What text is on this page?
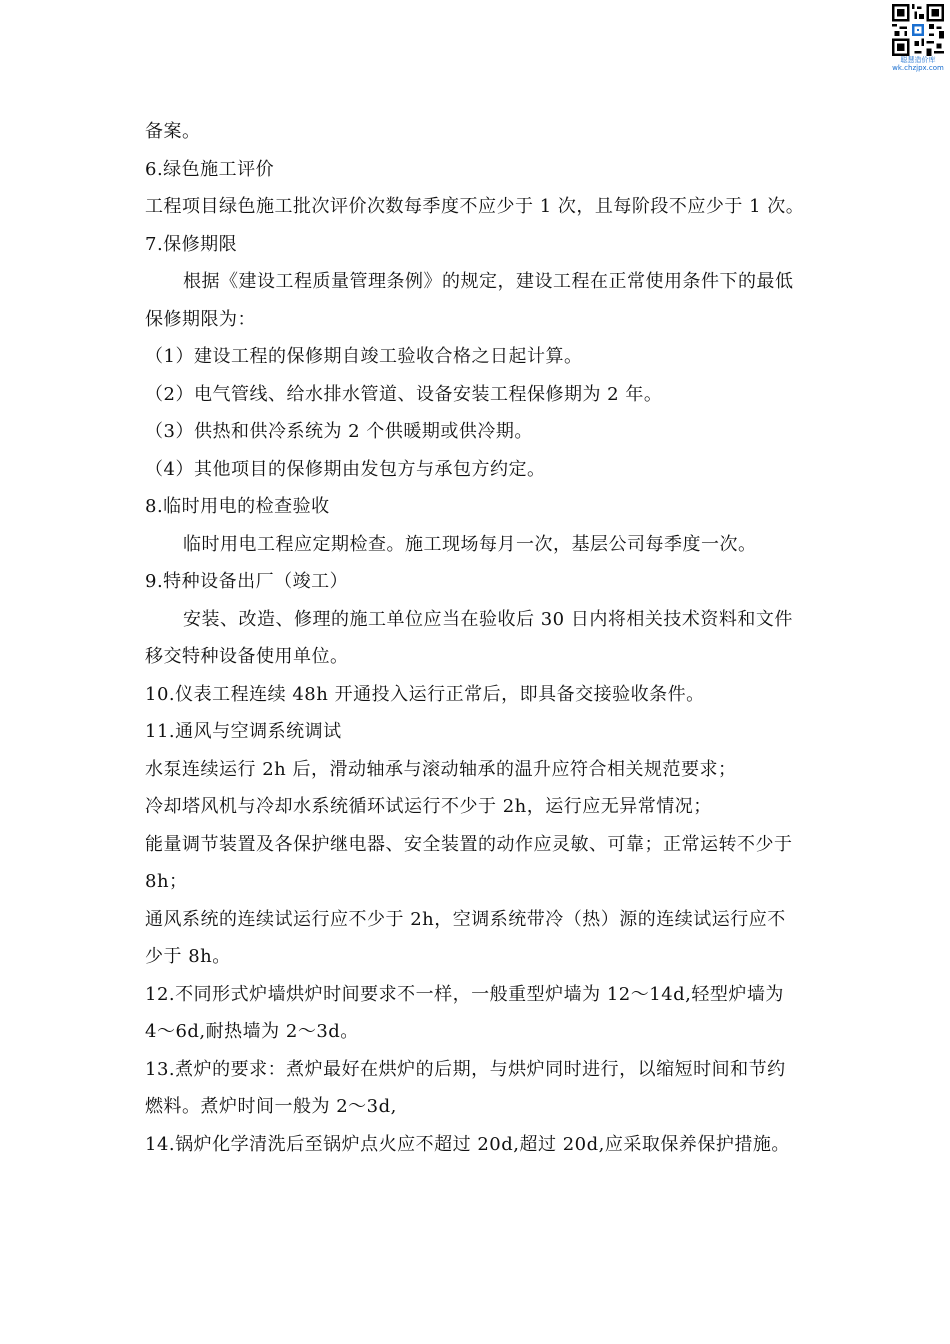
聪慧造价库
wk.chzjpx.com
备案。
6.绿色施工评价
工程项目绿色施工批次评价次数每季度不应少于 1 次，且每阶段不应少于 1 次。
7.保修期限
根据《建设工程质量管理条例》的规定，建设工程在正常使用条件下的最低
保修期限为：
（1）建设工程的保修期自竣工验收合格之日起计算。
（2）电气管线、给水排水管道、设备安装工程保修期为 2 年。
（3）供热和供冷系统为 2 个供暖期或供冷期。
（4）其他项目的保修期由发包方与承包方约定。
8.临时用电的检查验收
临时用电工程应定期检查。施工现场每月一次，基层公司每季度一次。
9.特种设备出厂（竣工）
安装、改造、修理的施工单位应当在验收后 30 日内将相关技术资料和文件
移交特种设备使用单位。
10.仪表工程连续 48h 开通投入运行正常后，即具备交接验收条件。
11.通风与空调系统调试
水泵连续运行 2h 后，滑动轴承与滚动轴承的温升应符合相关规范要求；
冷却塔风机与冷却水系统循环试运行不少于 2h，运行应无异常情况；
能量调节装置及各保护继电器、安全装置的动作应灵敏、可靠；正常运转不少于
8h；
通风系统的连续试运行应不少于 2h，空调系统带冷（热）源的连续试运行应不
少于 8h。
12.不同形式炉墙烘炉时间要求不一样，一般重型炉墙为 12～14d,轻型炉墙为
4～6d,耐热墙为 2～3d。
13.煮炉的要求：煮炉最好在烘炉的后期，与烘炉同时进行，以缩短时间和节约
燃料。煮炉时间一般为 2～3d,
14.锅炉化学清洗后至锅炉点火应不超过 20d,超过 20d,应采取保养保护措施。
